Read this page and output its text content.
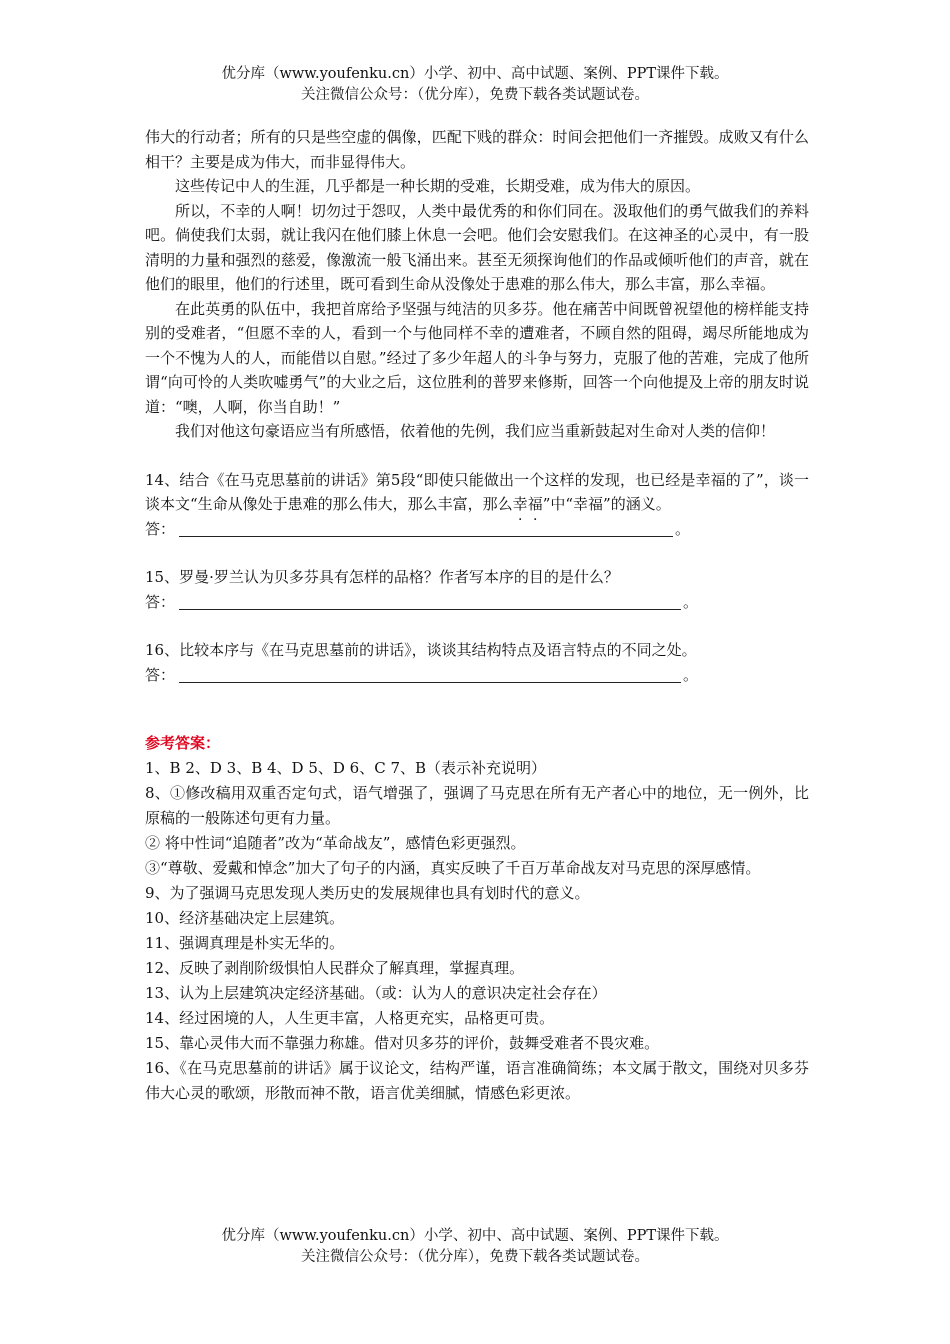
优分库（www.youfenku.cn）小学、初中、高中试题、案例、PPT课件下载。
关注微信公众号：（优分库），免费下载各类试题试卷。

伟大的行动者；所有的只是些空虚的偶像，匹配下贱的群众：时间会把他们一齐摧毁。成败又有什么相干？主要是成为伟大，而非显得伟大。

这些传记中人的生涯，几乎都是一种长期的受难，长期受难，成为伟大的原因。

所以，不幸的人啊！切勿过于怨叹，人类中最优秀的和你们同在。汲取他们的勇气做我们的养料吧。倘使我们太弱，就让我闪在他们膝上休息一会吧。他们会安慰我们。在这神圣的心灵中，有一股清明的力量和强烈的慈爱，像激流一般飞涌出来。甚至无须探询他们的作品或倾听他们的声音，就在他们的眼里，他们的行述里，既可看到生命从没像处于患难的那么伟大，那么丰富，那么幸福。

在此英勇的队伍中，我把首席给予坚强与纯洁的贝多芬。他在痛苦中间既曾祝望他的榜样能支持别的受难者，“但愿不幸的人，看到一个与他同样不幸的遭难者，不顾自然的阻碍，竭尽所能地成为一个不愧为人的人，而能借以自慰。”经过了多少年超人的斗争与努力，克服了他的苦难，完成了他所谓“向可怜的人类吹嘘勇气”的大业之后，这位胜利的普罗来修斯，回答一个向他提及上帝的朋友时说道：“噢，人啊，你当自助！”

我们对他这句豪语应当有所感悟，依着他的先例，我们应当重新鼓起对生命对人类的信仰！

14、结合《在马克思墓前的讲话》第5段“即使只能做出一个这样的发现，也已经是幸福的了”，谈一谈本文“生命从像处于患难的那么伟大，那么丰富，那么幸福”中“幸福”的涵义。

答：	。

15、罗曼·罗兰认为贝多芬具有怎样的品格？作者写本序的目的是什么？

答：	。

16、比较本序与《在马克思墓前的讲话》，谈谈其结构特点及语言特点的不同之处。

答：	。
参考答案：

1、B 2、D 3、B 4、D 5、D 6、C 7、B（表示补充说明）

8、①修改稿用双重否定句式，语气增强了，强调了马克思在所有无产者心中的地位，无一例外，比原稿的一般陈述句更有力量。

② 将中性词“追随者”改为“革命战友”，感情色彩更强烈。

③“尊敬、爱戴和悼念”加大了句子的内涵，真实反映了千百万革命战友对马克思的深厚感情。

9、为了强调马克思发现人类历史的发展规律也具有划时代的意义。

10、经济基础决定上层建筑。

11、强调真理是朴实无华的。

12、反映了剥削阶级惧怕人民群众了解真理，掌握真理。

13、认为上层建筑决定经济基础。（或：认为人的意识决定社会存在）

14、经过困境的人，人生更丰富，人格更充实，品格更可贵。

15、靠心灵伟大而不靠强力称雄。借对贝多芬的评价，鼓舞受难者不畏灾难。

16、《在马克思墓前的讲话》属于议论文，结构严谨，语言准确简练；本文属于散文，围绕对贝多芬伟大心灵的歌颂，形散而神不散，语言优美细腻，情感色彩更浓。

优分库（www.youfenku.cn）小学、初中、高中试题、案例、PPT课件下载。
关注微信公众号：（优分库），免费下载各类试题试卷。
